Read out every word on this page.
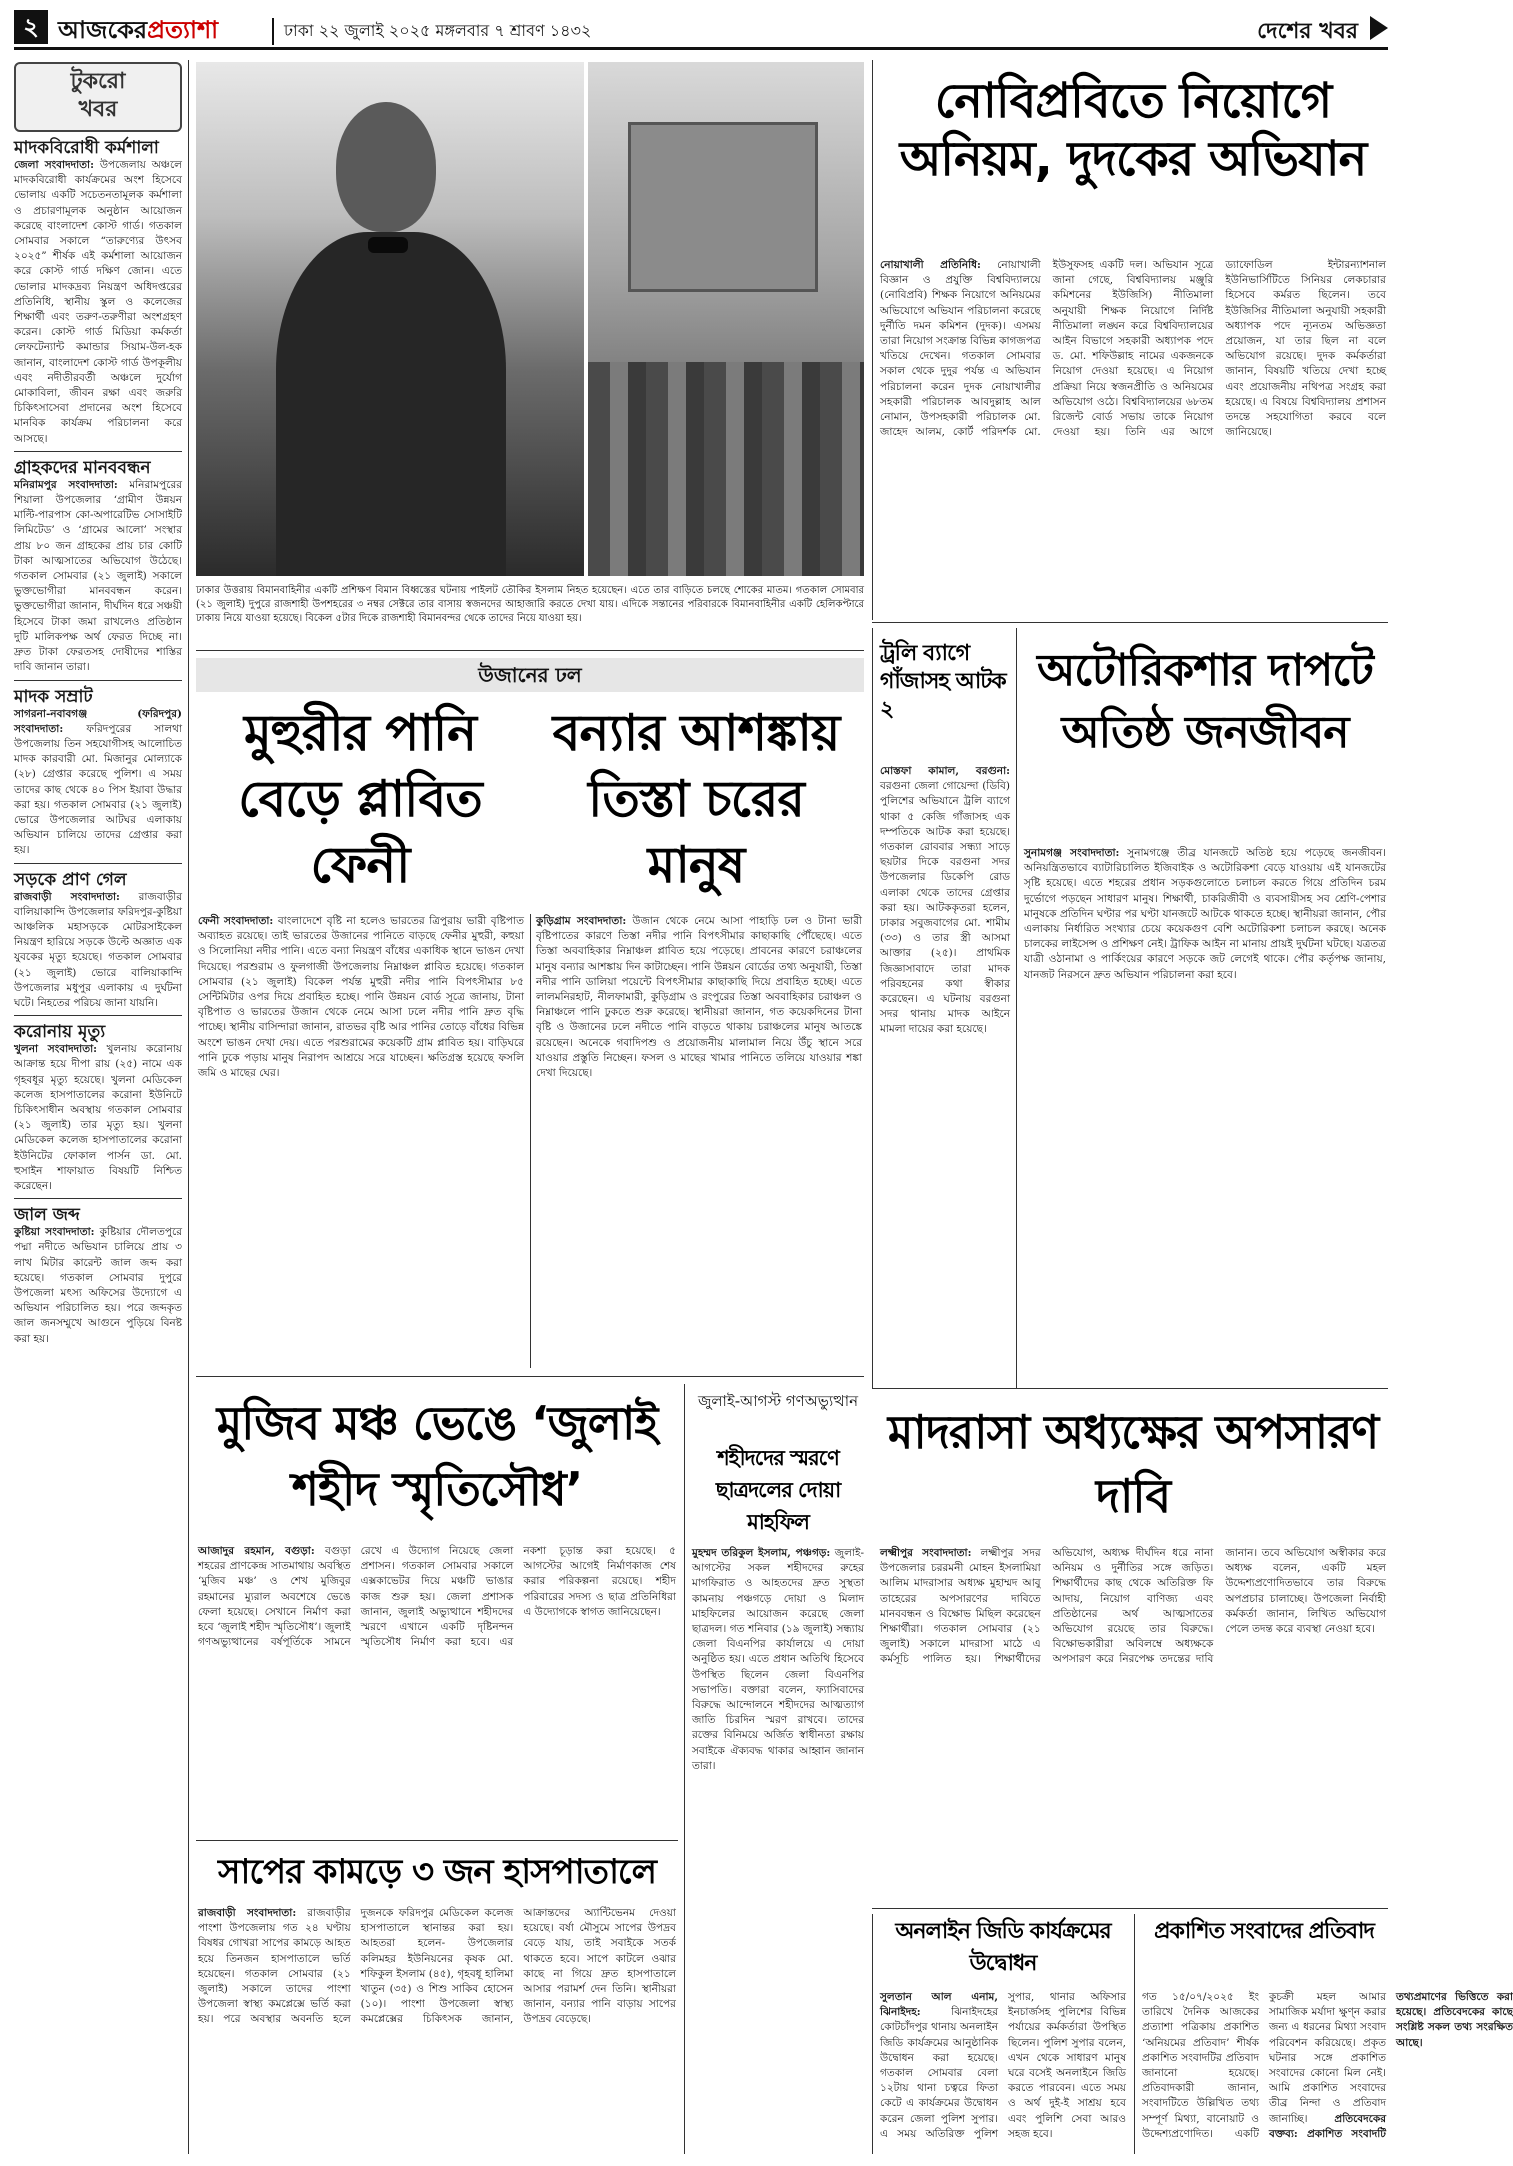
২ আজকেরপ্রত্যাশা	ঢাকা ২২ জুলাই ২০২৫ মঙ্গলবার ৭ শ্রাবণ ১৪৩২	দেশের খবর
টুকরো
খবর
মাদকবিরোধী কর্মশালা

জেলা সংবাদদাতা: উপজেলায় অঞ্চলে মাদকবিরোধী কার্যক্রমের অংশ হিসেবে ভোলায় একটি সচেতনতামূলক কর্মশালা ও প্রচারণামূলক অনুষ্ঠান আয়োজন করেছে বাংলাদেশ কোস্ট গার্ড। গতকাল সোমবার সকালে “তারুণ্যের উৎসব ২০২৫” শীর্ষক এই কর্মশালা আয়োজন করে কোস্ট গার্ড দক্ষিণ জোন। এতে ভোলার মাদকদ্রব্য নিয়ন্ত্রণ অধিদপ্তরের প্রতিনিধি, স্থানীয় স্কুল ও কলেজের শিক্ষার্থী এবং তরুণ-তরুণীরা অংশগ্রহণ করেন। কোস্ট গার্ড মিডিয়া কর্মকর্তা লেফটেন্যান্ট কমান্ডার সিয়াম-উল-হক জানান, বাংলাদেশ কোস্ট গার্ড উপকূলীয় এবং নদীতীরবর্তী অঞ্চলে দুর্যোগ মোকাবিলা, জীবন রক্ষা এবং জরুরি চিকিৎসাসেবা প্রদানের অংশ হিসেবে মানবিক কার্যক্রম পরিচালনা করে আসছে।

গ্রাহকদের মানববন্ধন

মনিরামপুর সংবাদদাতা: মনিরামপুরের শিয়ালা উপজেলার ‘গ্রামীণ উন্নয়ন মাল্টি-পারপাস কো-অপারেটিভ সোসাইটি লিমিটেড’ ও ‘গ্রামের আলো’ সংস্থার প্রায় ৮০ জন গ্রাহকের প্রায় চার কোটি টাকা আত্মসাতের অভিযোগ উঠেছে। গতকাল সোমবার (২১ জুলাই) সকালে ভুক্তভোগীরা মানববন্ধন করেন। ভুক্তভোগীরা জানান, দীর্ঘদিন ধরে সঞ্চয়ী হিসেবে টাকা জমা রাখলেও প্রতিষ্ঠান দুটি মালিকপক্ষ অর্থ ফেরত দিচ্ছে না। দ্রুত টাকা ফেরতসহ দোষীদের শাস্তির দাবি জানান তারা।

মাদক সম্রাট

সাগরনা-নবাবগঞ্জ (ফরিদপুর) সংবাদদাতা: ফরিদপুরের সালথা উপজেলায় তিন সহযোগীসহ আলোচিত মাদক কারবারী মো. মিজানুর মোল্যাকে (২৮) গ্রেপ্তার করেছে পুলিশ। এ সময় তাদের কাছ থেকে ৪০ পিস ইয়াবা উদ্ধার করা হয়। গতকাল সোমবার (২১ জুলাই) ভোরে উপজেলার আটঘর এলাকায় অভিযান চালিয়ে তাদের গ্রেপ্তার করা হয়।

সড়কে প্রাণ গেল

রাজবাড়ী সংবাদদাতা: রাজবাড়ীর বালিয়াকান্দি উপজেলার ফরিদপুর-কুষ্টিয়া আঞ্চলিক মহাসড়কে মোটরসাইকেল নিয়ন্ত্রণ হারিয়ে সড়কে উল্টে অজ্ঞাত এক যুবকের মৃত্যু হয়েছে। গতকাল সোমবার (২১ জুলাই) ভোরে বালিয়াকান্দি উপজেলার মধুপুর এলাকায় এ দুর্ঘটনা ঘটে। নিহতের পরিচয় জানা যায়নি।

করোনায় মৃত্যু

খুলনা সংবাদদাতা: খুলনায় করোনায় আক্রান্ত হয়ে দীপা রায় (২৫) নামে এক গৃহবধূর মৃত্যু হয়েছে। খুলনা মেডিকেল কলেজ হাসপাতালের করোনা ইউনিটে চিকিৎসাধীন অবস্থায় গতকাল সোমবার (২১ জুলাই) তার মৃত্যু হয়। খুলনা মেডিকেল কলেজ হাসপাতালের করোনা ইউনিটের ফোকাল পার্সন ডা. মো. হুসাইন শাফায়াত বিষয়টি নিশ্চিত করেছেন।

জাল জব্দ

কুষ্টিয়া সংবাদদাতা: কুষ্টিয়ার দৌলতপুরে পদ্মা নদীতে অভিযান চালিয়ে প্রায় ৩ লাখ মিটার কারেন্ট জাল জব্দ করা হয়েছে। গতকাল সোমবার দুপুরে উপজেলা মৎস্য অফিসের উদ্যোগে এ অভিযান পরিচালিত হয়। পরে জব্দকৃত জাল জনসম্মুখে আগুনে পুড়িয়ে বিনষ্ট করা হয়।

ঢাকার উত্তরায় বিমানবাহিনীর একটি প্রশিক্ষণ বিমান বিধ্বস্তের ঘটনায় পাইলট তৌকির ইসলাম নিহত হয়েছেন। এতে তার বাড়িতে চলছে শোকের মাতম। গতকাল সোমবার (২১ জুলাই) দুপুরে রাজশাহী উপশহরের ৩ নম্বর সেক্টরে তার বাসায় স্বজনদের আহাজারি করতে দেখা যায়। এদিকে সন্তানের পরিবারকে বিমানবাহিনীর একটি হেলিকপ্টারে ঢাকায় নিয়ে যাওয়া হয়েছে। বিকেল ৫টার দিকে রাজশাহী বিমানবন্দর থেকে তাদের নিয়ে যাওয়া হয়।
নোবিপ্রবিতে নিয়োগে অনিয়ম, দুদকের অভিযান
নোয়াখালী প্রতিনিধি: নোয়াখালী বিজ্ঞান ও প্রযুক্তি বিশ্ববিদ্যালয়ে (নোবিপ্রবি) শিক্ষক নিয়োগে অনিয়মের অভিযোগে অভিযান পরিচালনা করেছে দুর্নীতি দমন কমিশন (দুদক)। এসময় তারা নিয়োগ সংক্রান্ত বিভিন্ন কাগজপত্র খতিয়ে দেখেন। গতকাল সোমবার সকাল থেকে দুদুর পর্যন্ত এ অভিযান পরিচালনা করেন দুদক নোয়াখালীর সহকারী পরিচালক আবদুল্লাহ আল নোমান, উপসহকারী পরিচালক মো. জাহেদ আলম, কোর্ট পরিদর্শক মো. ইউসুফসহ একটি দল। অভিযান সূত্রে জানা গেছে, বিশ্ববিদ্যালয় মঞ্জুরি কমিশনের ইউজিসি) নীতিমালা অনুযায়ী শিক্ষক নিয়োগে নির্দিষ্ট নীতিমালা লঙ্ঘন করে বিশ্ববিদ্যালয়ের আইন বিভাগে সহকারী অধ্যাপক পদে ড. মো. শফিউল্লাহ নামের একজনকে নিয়োগ দেওয়া হয়েছে। এ নিয়োগ প্রক্রিয়া নিয়ে স্বজনপ্রীতি ও অনিয়মের অভিযোগ ওঠে। বিশ্ববিদ্যালয়ের ৬৮তম রিজেন্ট বোর্ড সভায় তাকে নিয়োগ দেওয়া হয়। তিনি এর আগে ড্যাফোডিল ইন্টারন্যাশনাল ইউনিভার্সিটিতে সিনিয়র লেকচারার হিসেবে কর্মরত ছিলেন। তবে ইউজিসির নীতিমালা অনুযায়ী সহকারী অধ্যাপক পদে ন্যূনতম অভিজ্ঞতা প্রয়োজন, যা তার ছিল না বলে অভিযোগ রয়েছে। দুদক কর্মকর্তারা জানান, বিষয়টি খতিয়ে দেখা হচ্ছে এবং প্রয়োজনীয় নথিপত্র সংগ্রহ করা হয়েছে। এ বিষয়ে বিশ্ববিদ্যালয় প্রশাসন তদন্তে সহযোগিতা করবে বলে জানিয়েছে।
উজানের ঢল
মুহুরীর পানি বেড়ে প্লাবিত ফেনী
বন্যার আশঙ্কায় তিস্তা চরের মানুষ
ফেনী সংবাদদাতা: বাংলাদেশে বৃষ্টি না হলেও ভারতের ত্রিপুরায় ভারী বৃষ্টিপাত অব্যাহত রয়েছে। তাই ভারতের উজানের পানিতে বাড়ছে ফেনীর মুহুরী, কহুয়া ও সিলোনিয়া নদীর পানি। এতে বন্যা নিয়ন্ত্রণ বাঁধের একাধিক স্থানে ভাঙন দেখা দিয়েছে। পরশুরাম ও ফুলগাজী উপজেলায় নিম্নাঞ্চল প্লাবিত হয়েছে। গতকাল সোমবার (২১ জুলাই) বিকেল পর্যন্ত মুহুরী নদীর পানি বিপৎসীমার ৮৫ সেন্টিমিটার ওপর দিয়ে প্রবাহিত হচ্ছে। পানি উন্নয়ন বোর্ড সূত্রে জানায়, টানা বৃষ্টিপাত ও ভারতের উজান থেকে নেমে আসা ঢলে নদীর পানি দ্রুত বৃদ্ধি পাচ্ছে। স্থানীয় বাসিন্দারা জানান, রাতভর বৃষ্টি আর পানির তোড়ে বাঁধের বিভিন্ন অংশে ভাঙন দেখা দেয়। এতে পরশুরামের কয়েকটি গ্রাম প্লাবিত হয়। বাড়িঘরে পানি ঢুকে পড়ায় মানুষ নিরাপদ আশ্রয়ে সরে যাচ্ছেন। ক্ষতিগ্রস্ত হয়েছে ফসলি জমি ও মাছের ঘের।
কুড়িগ্রাম সংবাদদাতা: উজান থেকে নেমে আসা পাহাড়ি ঢল ও টানা ভারী বৃষ্টিপাতের কারণে তিস্তা নদীর পানি বিপৎসীমার কাছাকাছি পৌঁছেছে। এতে তিস্তা অববাহিকার নিম্নাঞ্চল প্লাবিত হয়ে পড়েছে। প্রাবনের কারণে চরাঞ্চলের মানুষ বন্যার আশঙ্কায় দিন কাটাচ্ছেন। পানি উন্নয়ন বোর্ডের তথ্য অনুযায়ী, তিস্তা নদীর পানি ডালিয়া পয়েন্টে বিপৎসীমার কাছাকাছি দিয়ে প্রবাহিত হচ্ছে। এতে লালমনিরহাট, নীলফামারী, কুড়িগ্রাম ও রংপুরের তিস্তা অববাহিকার চরাঞ্চল ও নিম্নাঞ্চলে পানি ঢুকতে শুরু করেছে। স্থানীয়রা জানান, গত কয়েকদিনের টানা বৃষ্টি ও উজানের ঢলে নদীতে পানি বাড়তে থাকায় চরাঞ্চলের মানুষ আতঙ্কে রয়েছেন। অনেকে গবাদিপশু ও প্রয়োজনীয় মালামাল নিয়ে উঁচু স্থানে সরে যাওয়ার প্রস্তুতি নিচ্ছেন। ফসল ও মাছের খামার পানিতে তলিয়ে যাওয়ার শঙ্কা দেখা দিয়েছে।
ট্রলি ব্যাগে গাঁজাসহ আটক ২
মোস্তফা কামাল, বরগুনা: বরগুনা জেলা গোয়েন্দা (ডিবি) পুলিশের অভিযানে ট্রলি ব্যাগে থাকা ৫ কেজি গাঁজাসহ এক দম্পতিকে আটক করা হয়েছে। গতকাল রোববার সন্ধ্যা সাড়ে ছয়টার দিকে বরগুনা সদর উপজেলার ডিকেপি রোড এলাকা থেকে তাদের গ্রেপ্তার করা হয়। আটককৃতরা হলেন, ঢাকার সবুজবাগের মো. শামীম (৩৩) ও তার স্ত্রী আসমা আক্তার (২৫)। প্রাথমিক জিজ্ঞাসাবাদে তারা মাদক পরিবহনের কথা স্বীকার করেছেন। এ ঘটনায় বরগুনা সদর থানায় মাদক আইনে মামলা দায়ের করা হয়েছে।
অটোরিকশার দাপটে অতিষ্ঠ জনজীবন
সুনামগঞ্জ সংবাদদাতা: সুনামগঞ্জে তীব্র যানজটে অতিষ্ঠ হয়ে পড়েছে জনজীবন। অনিয়ন্ত্রিতভাবে ব্যাটারিচালিত ইজিবাইক ও অটোরিকশা বেড়ে যাওয়ায় এই যানজটের সৃষ্টি হয়েছে। এতে শহরের প্রধান সড়কগুলোতে চলাচল করতে গিয়ে প্রতিদিন চরম দুর্ভোগে পড়ছেন সাধারণ মানুষ। শিক্ষার্থী, চাকরিজীবী ও ব্যবসায়ীসহ সব শ্রেণি-পেশার মানুষকে প্রতিদিন ঘণ্টার পর ঘণ্টা যানজটে আটকে থাকতে হচ্ছে। স্থানীয়রা জানান, পৌর এলাকায় নির্ধারিত সংখ্যার চেয়ে কয়েকগুণ বেশি অটোরিকশা চলাচল করছে। অনেক চালকের লাইসেন্স ও প্রশিক্ষণ নেই। ট্রাফিক আইন না মানায় প্রায়ই দুর্ঘটনা ঘটছে। যত্রতত্র যাত্রী ওঠানামা ও পার্কিংয়ের কারণে সড়কে জট লেগেই থাকে। পৌর কর্তৃপক্ষ জানায়, যানজট নিরসনে দ্রুত অভিযান পরিচালনা করা হবে।
মাদরাসা অধ্যক্ষের অপসারণ দাবি
লক্ষ্মীপুর সংবাদদাতা: লক্ষ্মীপুর সদর উপজেলার চররমনী মোহন ইসলামিয়া আলিম মাদরাসার অধ্যক্ষ মুহাম্মদ আবু তাহেরের অপসারণের দাবিতে মানববন্ধন ও বিক্ষোভ মিছিল করেছেন শিক্ষার্থীরা। গতকাল সোমবার (২১ জুলাই) সকালে মাদরাসা মাঠে এ কর্মসূচি পালিত হয়। শিক্ষার্থীদের অভিযোগ, অধ্যক্ষ দীর্ঘদিন ধরে নানা অনিয়ম ও দুর্নীতির সঙ্গে জড়িত। শিক্ষার্থীদের কাছ থেকে অতিরিক্ত ফি আদায়, নিয়োগ বাণিজ্য এবং প্রতিষ্ঠানের অর্থ আত্মসাতের অভিযোগ রয়েছে তার বিরুদ্ধে। বিক্ষোভকারীরা অবিলম্বে অধ্যক্ষকে অপসারণ করে নিরপেক্ষ তদন্তের দাবি জানান। তবে অভিযোগ অস্বীকার করে অধ্যক্ষ বলেন, একটি মহল উদ্দেশ্যপ্রণোদিতভাবে তার বিরুদ্ধে অপপ্রচার চালাচ্ছে। উপজেলা নির্বাহী কর্মকর্তা জানান, লিখিত অভিযোগ পেলে তদন্ত করে ব্যবস্থা নেওয়া হবে।
মুজিব মঞ্চ ভেঙে ‘জুলাই শহীদ স্মৃতিসৌধ’
আজাদুর রহমান, বগুড়া: বগুড়া শহরের প্রাণকেন্দ্র সাতমাথায় অবস্থিত ‘মুজিব মঞ্চ’ ও শেখ মুজিবুর রহমানের ম্যুরাল অবশেষে ভেঙে ফেলা হয়েছে। সেখানে নির্মাণ করা হবে ‘জুলাই শহীদ স্মৃতিসৌধ’। জুলাই গণঅভ্যুত্থানের বর্ষপূর্তিকে সামনে রেখে এ উদ্যোগ নিয়েছে জেলা প্রশাসন। গতকাল সোমবার সকালে এক্সকাভেটর দিয়ে মঞ্চটি ভাঙার কাজ শুরু হয়। জেলা প্রশাসক জানান, জুলাই অভ্যুত্থানে শহীদদের স্মরণে এখানে একটি দৃষ্টিনন্দন স্মৃতিসৌধ নির্মাণ করা হবে। এর নকশা চূড়ান্ত করা হয়েছে। ৫ আগস্টের আগেই নির্মাণকাজ শেষ করার পরিকল্পনা রয়েছে। শহীদ পরিবারের সদস্য ও ছাত্র প্রতিনিধিরা এ উদ্যোগকে স্বাগত জানিয়েছেন।
জুলাই-আগস্ট গণঅভ্যুত্থান
শহীদদের স্মরণে ছাত্রদলের দোয়া মাহফিল
মুহম্মদ তরিকুল ইসলাম, পঞ্চগড়: জুলাই-আগস্টের সকল শহীদদের রুহের মাগফিরাত ও আহতদের দ্রুত সুস্থতা কামনায় পঞ্চগড়ে দোয়া ও মিলাদ মাহফিলের আয়োজন করেছে জেলা ছাত্রদল। গত শনিবার (১৯ জুলাই) সন্ধ্যায় জেলা বিএনপির কার্যালয়ে এ দোয়া অনুষ্ঠিত হয়। এতে প্রধান অতিথি হিসেবে উপস্থিত ছিলেন জেলা বিএনপির সভাপতি। বক্তারা বলেন, ফ্যাসিবাদের বিরুদ্ধে আন্দোলনে শহীদদের আত্মত্যাগ জাতি চিরদিন স্মরণ রাখবে। তাদের রক্তের বিনিময়ে অর্জিত স্বাধীনতা রক্ষায় সবাইকে ঐক্যবদ্ধ থাকার আহ্বান জানান তারা।
সাপের কামড়ে ৩ জন হাসপাতালে
রাজবাড়ী সংবাদদাতা: রাজবাড়ীর পাংশা উপজেলায় গত ২৪ ঘণ্টায় বিষধর গোখরা সাপের কামড়ে আহত হয়ে তিনজন হাসপাতালে ভর্তি হয়েছেন। গতকাল সোমবার (২১ জুলাই) সকালে তাদের পাংশা উপজেলা স্বাস্থ্য কমপ্লেক্সে ভর্তি করা হয়। পরে অবস্থার অবনতি হলে দুজনকে ফরিদপুর মেডিকেল কলেজ হাসপাতালে স্থানান্তর করা হয়। আহতরা হলেন- উপজেলার কলিমহর ইউনিয়নের কৃষক মো. শফিকুল ইসলাম (৪৫), গৃহবধূ হালিমা খাতুন (৩৫) ও শিশু সাকিব হোসেন (১০)। পাংশা উপজেলা স্বাস্থ্য কমপ্লেক্সের চিকিৎসক জানান, আক্রান্তদের অ্যান্টিভেনম দেওয়া হয়েছে। বর্ষা মৌসুমে সাপের উপদ্রব বেড়ে যায়, তাই সবাইকে সতর্ক থাকতে হবে। সাপে কাটলে ওঝার কাছে না গিয়ে দ্রুত হাসপাতালে আসার পরামর্শ দেন তিনি। স্থানীয়রা জানান, বন্যার পানি বাড়ায় সাপের উপদ্রব বেড়েছে।
অনলাইন জিডি কার্যক্রমের উদ্বোধন
সুলতান আল এনাম, ঝিনাইদহ:	ঝিনাইদহের কোটচাঁদপুর থানায় অনলাইন জিডি কার্যক্রমের আনুষ্ঠানিক উদ্বোধন করা হয়েছে। গতকাল সোমবার বেলা ১২টায় থানা চত্বরে ফিতা কেটে এ কার্যক্রমের উদ্বোধন করেন জেলা পুলিশ সুপার। এ সময় অতিরিক্ত পুলিশ সুপার, থানার অফিসার ইনচার্জসহ পুলিশের বিভিন্ন পর্যায়ের কর্মকর্তারা উপস্থিত ছিলেন। পুলিশ সুপার বলেন, এখন থেকে সাধারণ মানুষ ঘরে বসেই অনলাইনে জিডি করতে পারবেন। এতে সময় ও অর্থ দুই-ই সাশ্রয় হবে এবং পুলিশি সেবা আরও সহজ হবে।
প্রকাশিত সংবাদের প্রতিবাদ
গত ১৫/০৭/২০২৫ ইং তারিখে দৈনিক আজকের প্রত্যাশা পত্রিকায় প্রকাশিত ‘অনিয়মের প্রতিবাদ’ শীর্ষক প্রকাশিত সংবাদটির প্রতিবাদ জানানো হয়েছে। প্রতিবাদকারী জানান, সংবাদটিতে উল্লিখিত তথ্য সম্পূর্ণ মিথ্যা, বানোয়াট ও উদ্দেশ্যপ্রণোদিত। একটি কুচক্রী মহল আমার সামাজিক মর্যাদা ক্ষুণ্ন করার জন্য এ ধরনের মিথ্যা সংবাদ পরিবেশন করিয়েছে। প্রকৃত ঘটনার সঙ্গে প্রকাশিত সংবাদের কোনো মিল নেই। আমি প্রকাশিত সংবাদের তীব্র নিন্দা ও প্রতিবাদ জানাচ্ছি।	প্রতিবেদকের বক্তব্য: প্রকাশিত সংবাদটি তথ্যপ্রমাণের ভিত্তিতে করা হয়েছে। প্রতিবেদকের কাছে সংশ্লিষ্ট সকল তথ্য সংরক্ষিত আছে।
